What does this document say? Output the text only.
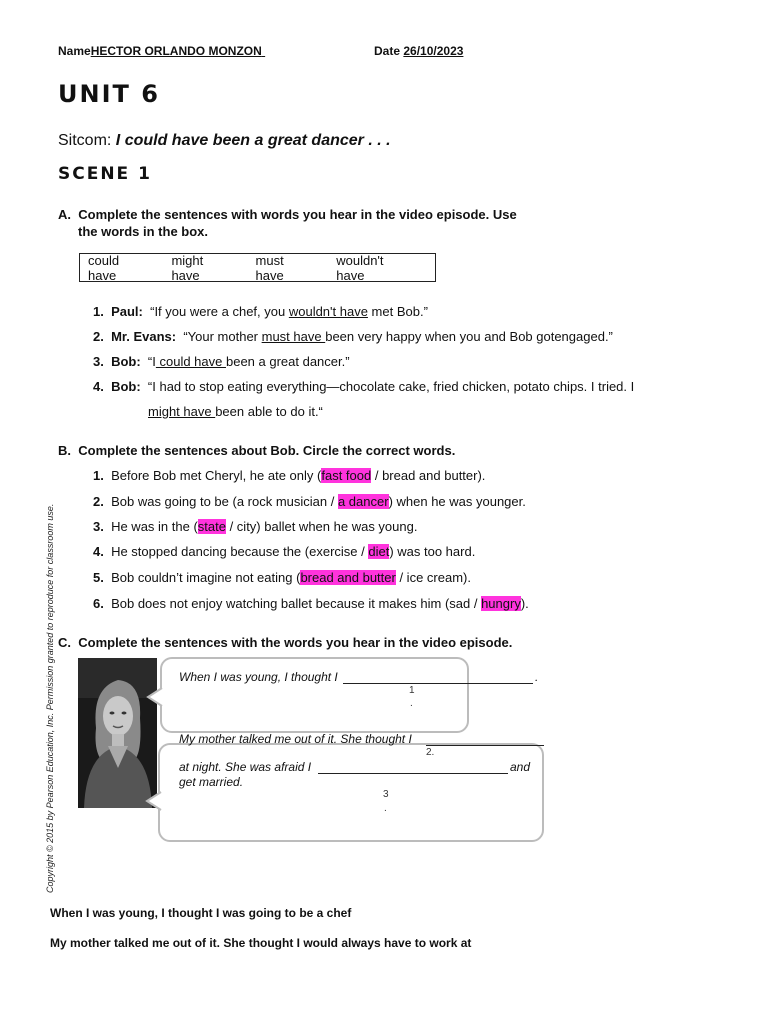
NameHECTOR ORLANDO MONZON	Date 26/10/2023
UNIT 6
Sitcom: I could have been a great dancer . . .
SCENE 1
A. Complete the sentences with words you hear in the video episode. Use
the words in the box.
could have
might have
must have
wouldn't have
1. Paul: “If you were a chef, you wouldn't have met Bob.”
2. Mr. Evans: “Your mother must have been very happy when you and Bob gotengaged.”
3. Bob: “I could have been a great dancer.”
4. Bob: “I had to stop eating everything—chocolate cake, fried chicken, potato chips. I tried. I
might have been able to do it.“
B. Complete the sentences about Bob. Circle the correct words.
1. Before Bob met Cheryl, he ate only (fast food / bread and butter).
2. Bob was going to be (a rock musician / a dancer) when he was younger.
3. He was in the (state / city) ballet when he was young.
4. He stopped dancing because the (exercise / diet) was too hard.
5. Bob couldn’t imagine not eating (bread and butter / ice cream).
6. Bob does not enjoy watching ballet because it makes him (sad / hungry).
C. Complete the sentences with the words you hear in the video episode.
When I was young, I thought I	.
1
.
My mother talked me out of it. She thought I
2.
at night. She was afraid I	and
get married.
3
.
Copyright © 2015 by Pearson Education, Inc. Permission granted to reproduce for classroom use.
When I was young, I thought I was going to be a chef
My mother talked me out of it. She thought I would always have to work at
